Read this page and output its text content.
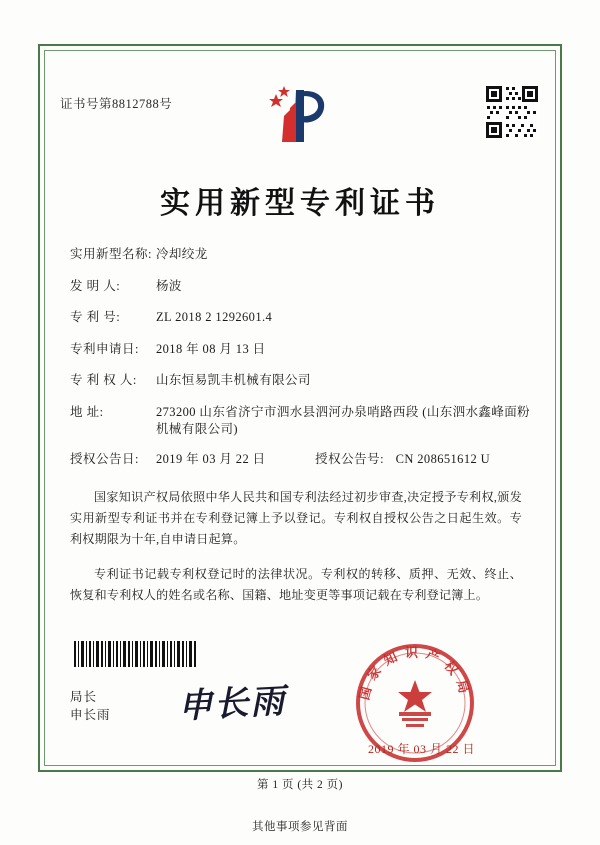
证书号第8812788号
实用新型专利证书
实用新型名称: 冷却绞龙
发 明 人:	杨波
专 利 号:	ZL 2018 2 1292601.4
专利申请日:	2018 年 08 月 13 日
专 利 权 人:	山东恒易凯丰机械有限公司
地 址:	273200 山东省济宁市泗水县泗河办泉哨路西段 (山东泗水鑫峰面粉机械有限公司)
授权公告日:	2019 年 03 月 22 日	授权公告号: CN 208651612 U

国家知识产权局依照中华人民共和国专利法经过初步审查,决定授予专利权,颁发实用新型专利证书并在专利登记簿上予以登记。专利权自授权公告之日起生效。专利权期限为十年,自申请日起算。

专利证书记载专利权登记时的法律状况。专利权的转移、质押、无效、终止、恢复和专利权人的姓名或名称、国籍、地址变更等事项记载在专利登记簿上。

局长
申长雨 申长雨	国家知识产权局
2019 年 03 月 22 日
第 1 页 (共 2 页)
其他事项参见背面
